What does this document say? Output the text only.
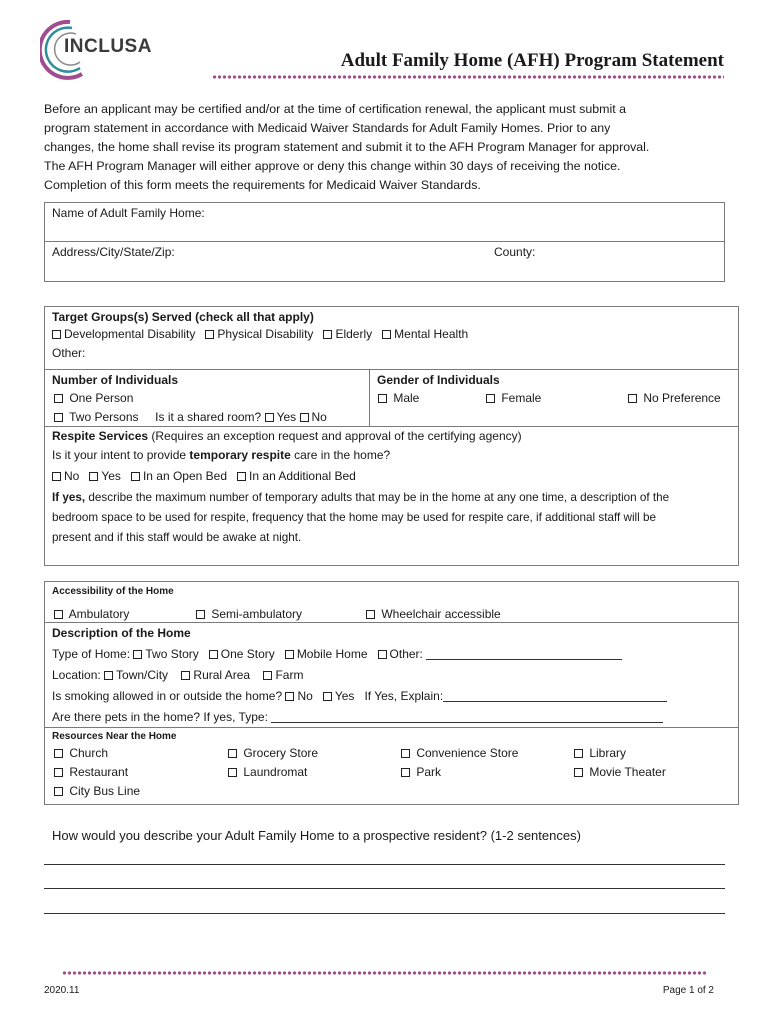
INCLUSA
Adult Family Home (AFH) Program Statement
Before an applicant may be certified and/or at the time of certification renewal, the applicant must submit a
program statement in accordance with Medicaid Waiver Standards for Adult Family Homes. Prior to any
changes, the home shall revise its program statement and submit it to the AFH Program Manager for approval.
The AFH Program Manager will either approve or deny this change within 30 days of receiving the notice.
Completion of this form meets the requirements for Medicaid Waiver Standards.
Name of Adult Family Home:
Address/City/State/Zip:	County:
Target Groups(s) Served (check all that apply)
Developmental Disability Physical Disability Elderly Mental Health
Other:
Number of Individuals
One Person
Two Persons Is it a shared room? Yes No
Gender of Individuals
Male	Female	No Preference
Respite Services (Requires an exception request and approval of the certifying agency)
Is it your intent to provide temporary respite care in the home?
No Yes In an Open Bed In an Additional Bed
If yes, describe the maximum number of temporary adults that may be in the home at any one time, a description of the
bedroom space to be used for respite, frequency that the home may be used for respite care, if additional staff will be
present and if this staff would be awake at night.
Accessibility of the Home
Ambulatory	Semi-ambulatory	Wheelchair accessible
Description of the Home
Type of Home: Two Story One Story Mobile Home Other:
Location: Town/City Rural Area Farm
Is smoking allowed in or outside the home? No Yes If Yes, Explain:
Are there pets in the home? If yes, Type:
Resources Near the Home
Church	Grocery Store	Convenience Store	Library
Restaurant	Laundromat	Park	Movie Theater
City Bus Line
How would you describe your Adult Family Home to a prospective resident? (1-2 sentences)
2020.11	Page 1 of 2
